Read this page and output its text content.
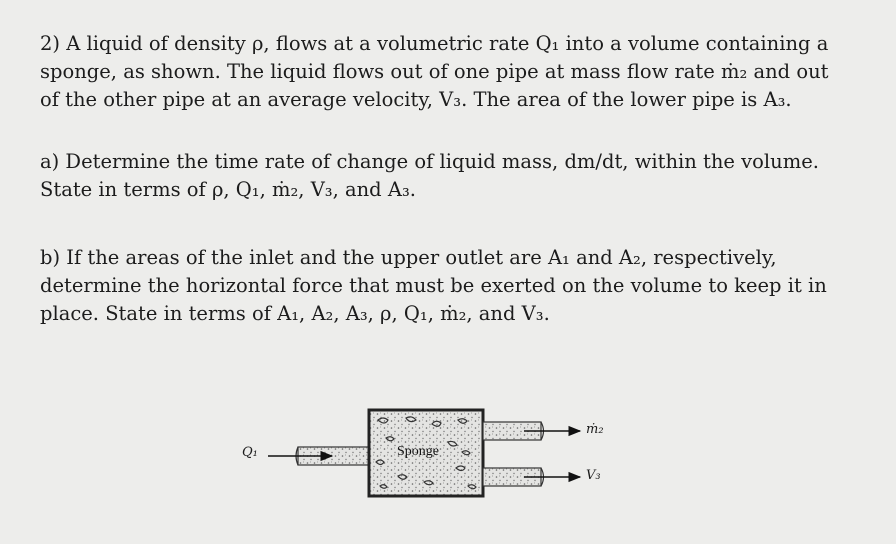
2) A liquid of density ρ, flows at a volumetric rate Q₁ into a volume containing a
sponge, as shown. The liquid flows out of one pipe at mass flow rate ṁ₂ and out
of the other pipe at an average velocity, V₃. The area of the lower pipe is A₃.
a) Determine the time rate of change of liquid mass, dm/dt, within the volume.
State in terms of ρ, Q₁, ṁ₂, V₃, and A₃.
b) If the areas of the inlet and the upper outlet are A₁ and A₂, respectively,
determine the horizontal force that must be exerted on the volume to keep it in
place. State in terms of A₁, A₂, A₃, ρ, Q₁, ṁ₂, and V₃.
Sponge
Q₁
ṁ₂
V₃
